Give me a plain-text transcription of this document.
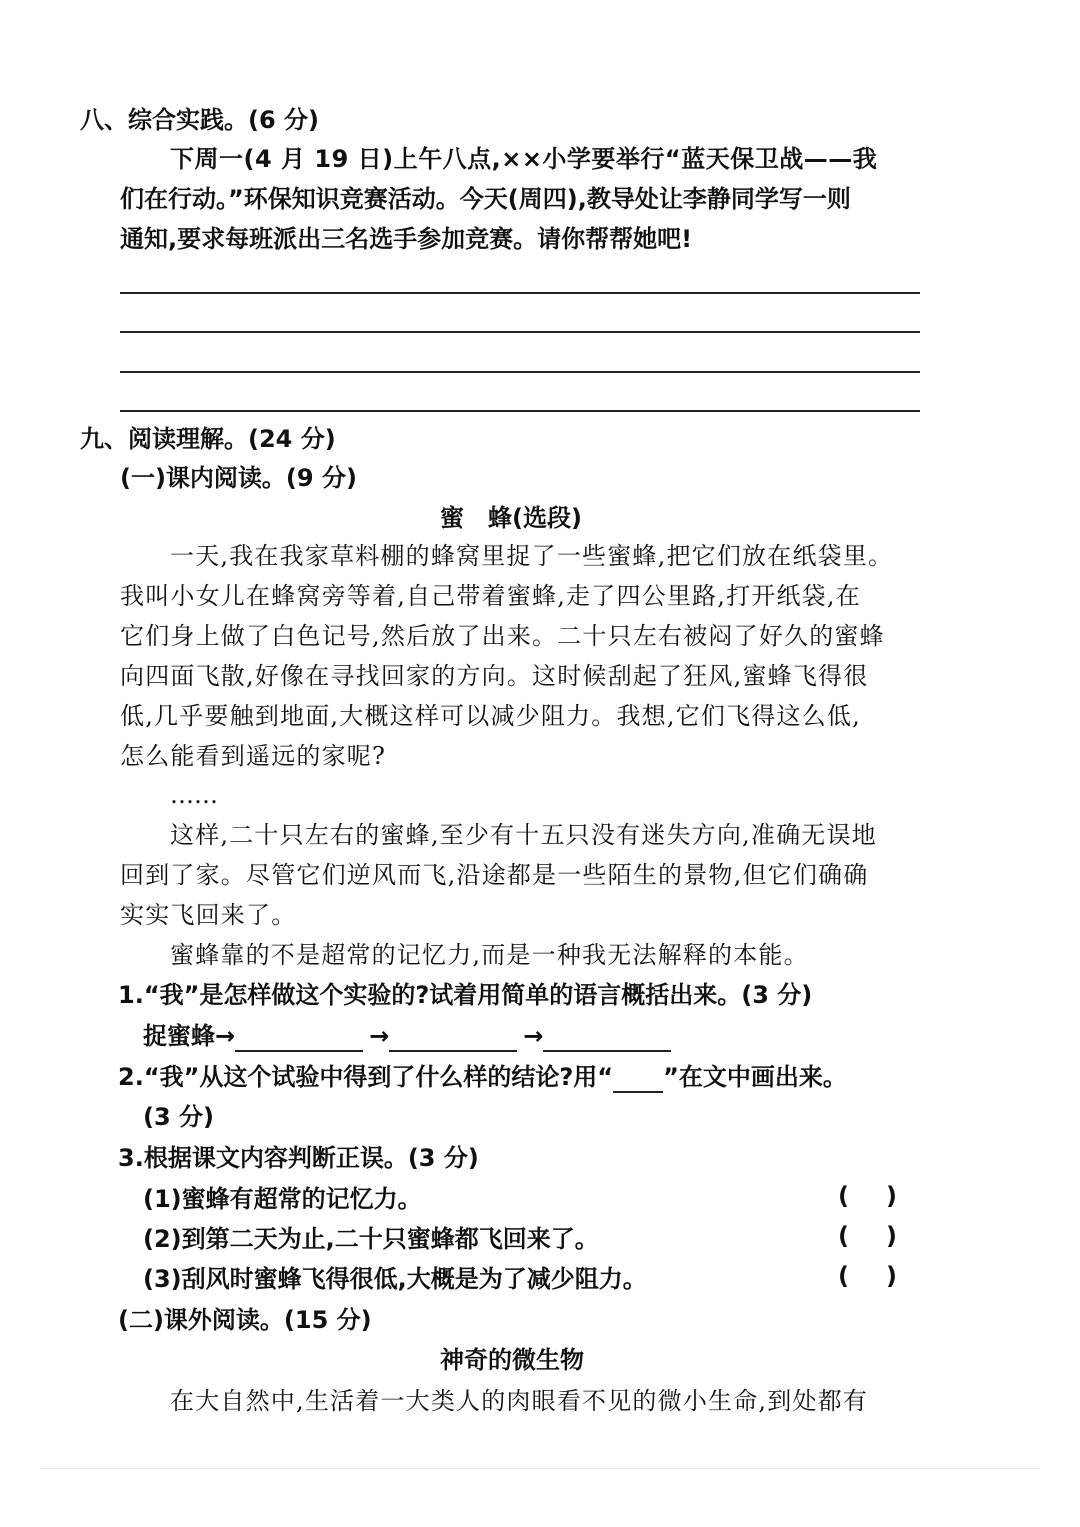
八、综合实践。(6 分)
下周一(4 月 19 日)上午八点,××小学要举行“蓝天保卫战——我
们在行动。”环保知识竞赛活动。今天(周四),教导处让李静同学写一则
通知,要求每班派出三名选手参加竞赛。请你帮帮她吧!
九、阅读理解。(24 分)
(一)课内阅读。(9 分)
蜜　蜂(选段)
一天,我在我家草料棚的蜂窝里捉了一些蜜蜂,把它们放在纸袋里。
我叫小女儿在蜂窝旁等着,自己带着蜜蜂,走了四公里路,打开纸袋,在
它们身上做了白色记号,然后放了出来。二十只左右被闷了好久的蜜蜂
向四面飞散,好像在寻找回家的方向。这时候刮起了狂风,蜜蜂飞得很
低,几乎要触到地面,大概这样可以减少阻力。我想,它们飞得这么低,
怎么能看到遥远的家呢?
……
这样,二十只左右的蜜蜂,至少有十五只没有迷失方向,准确无误地
回到了家。尽管它们逆风而飞,沿途都是一些陌生的景物,但它们确确
实实飞回来了。
蜜蜂靠的不是超常的记忆力,而是一种我无法解释的本能。
1.“我”是怎样做这个实验的?试着用简单的语言概括出来。(3 分)
捉蜜蜂→	→	→
2.“我”从这个试验中得到了什么样的结论?用“ ”在文中画出来。
(3 分)
3.根据课文内容判断正误。(3 分)
(1)蜜蜂有超常的记忆力。	( )
(2)到第二天为止,二十只蜜蜂都飞回来了。	( )
(3)刮风时蜜蜂飞得很低,大概是为了减少阻力。	( )
(二)课外阅读。(15 分)
神奇的微生物
在大自然中,生活着一大类人的肉眼看不见的微小生命,到处都有
